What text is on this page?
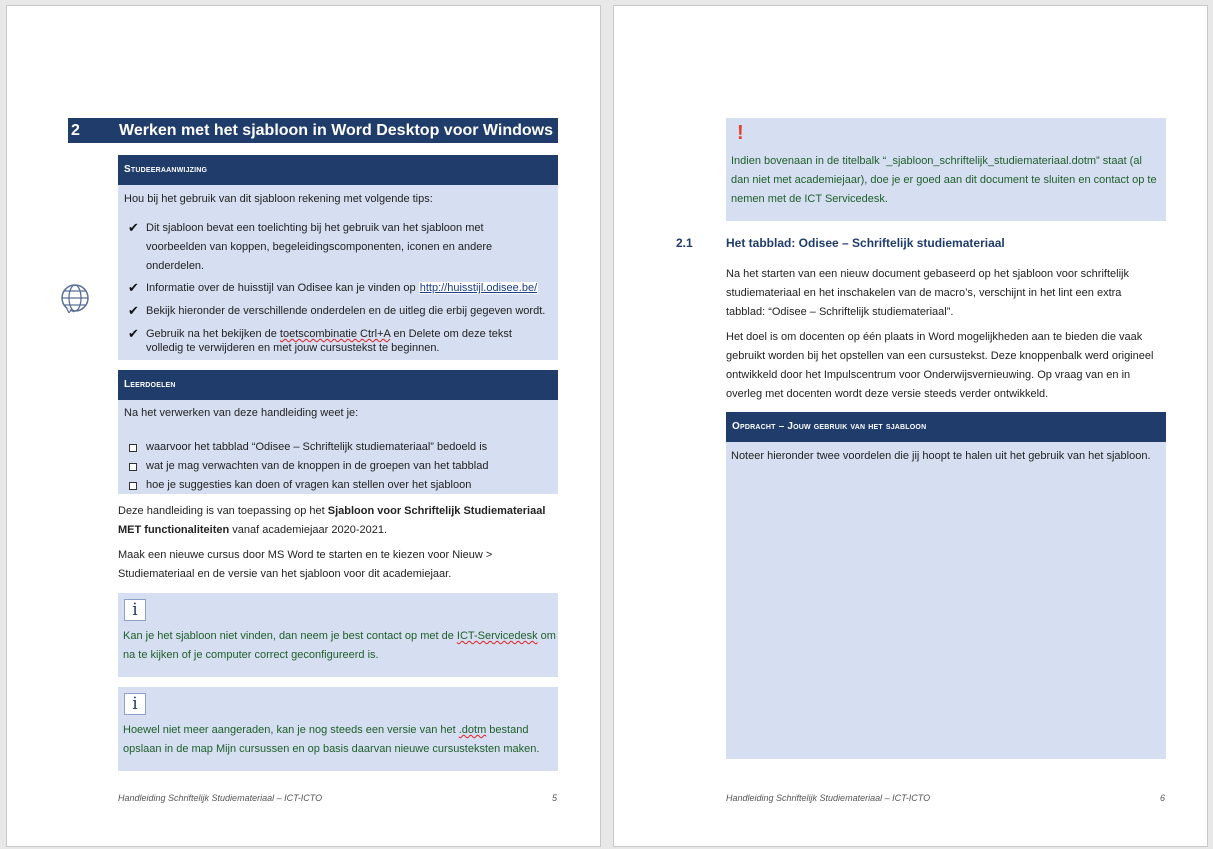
2 Werken met het sjabloon in Word Desktop voor Windows
Studeeraanwijzing
Hou bij het gebruik van dit sjabloon rekening met volgende tips:
✔ Dit sjabloon bevat een toelichting bij het gebruik van het sjabloon met
voorbeelden van koppen, begeleidingscomponenten, iconen en andere
onderdelen.
✔ Informatie over de huisstijl van Odisee kan je vinden op http://huisstijl.odisee.be/
✔ Bekijk hieronder de verschillende onderdelen en de uitleg die erbij gegeven wordt.
✔ Gebruik na het bekijken de toetscombinatie Ctrl+A en Delete om deze tekst
volledig te verwijderen en met jouw cursustekst te beginnen.
Leerdoelen
Na het verwerken van deze handleiding weet je:
waarvoor het tabblad “Odisee – Schriftelijk studiemateriaal” bedoeld is
wat je mag verwachten van de knoppen in de groepen van het tabblad
hoe je suggesties kan doen of vragen kan stellen over het sjabloon
Deze handleiding is van toepassing op het Sjabloon voor Schriftelijk Studiemateriaal
MET functionaliteiten vanaf academiejaar 2020-2021.
Maak een nieuwe cursus door MS Word te starten en te kiezen voor Nieuw >
Studiemateriaal en de versie van het sjabloon voor dit academiejaar.
i
Kan je het sjabloon niet vinden, dan neem je best contact op met de ICT-Servicedesk om
na te kijken of je computer correct geconfigureerd is.
i
Hoewel niet meer aangeraden, kan je nog steeds een versie van het .dotm bestand
opslaan in de map Mijn cursussen en op basis daarvan nieuwe cursusteksten maken.
Handleiding Schriftelijk Studiemateriaal – ICT-ICTO	5
!
Indien bovenaan in de titelbalk “_sjabloon_schriftelijk_studiemateriaal.dotm” staat (al
dan niet met academiejaar), doe je er goed aan dit document te sluiten en contact op te
nemen met de ICT Servicedesk.
2.1	Het tabblad: Odisee – Schriftelijk studiemateriaal
Na het starten van een nieuw document gebaseerd op het sjabloon voor schriftelijk
studiemateriaal en het inschakelen van de macro’s, verschijnt in het lint een extra
tabblad: “Odisee – Schriftelijk studiemateriaal”.
Het doel is om docenten op één plaats in Word mogelijkheden aan te bieden die vaak
gebruikt worden bij het opstellen van een cursustekst. Deze knoppenbalk werd origineel
ontwikkeld door het Impulscentrum voor Onderwijsvernieuwing. Op vraag van en in
overleg met docenten wordt deze versie steeds verder ontwikkeld.
Opdracht – Jouw gebruik van het sjabloon
Noteer hieronder twee voordelen die jij hoopt te halen uit het gebruik van het sjabloon.
Handleiding Schriftelijk Studiemateriaal – ICT-ICTO	6
